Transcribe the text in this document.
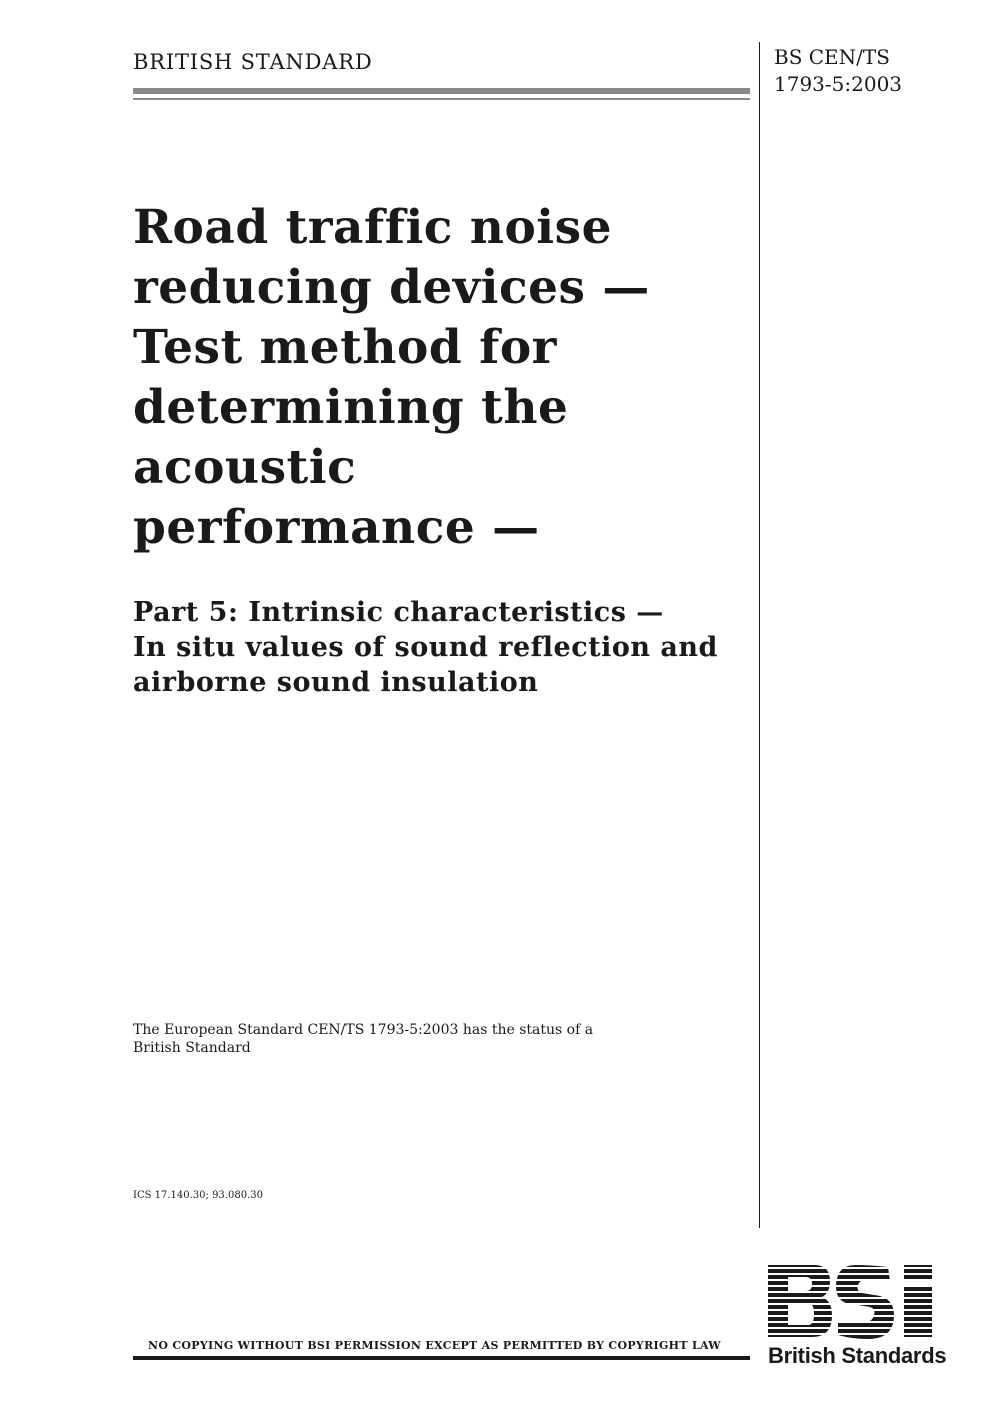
BRITISH STANDARD	BS CEN/TS
1793-5:2003
Road traffic noise
reducing devices —
Test method for
determining the
acoustic
performance —
Part 5: Intrinsic characteristics —
In situ values of sound reflection and
airborne sound insulation
The European Standard CEN/TS 1793-5:2003 has the status of a
British Standard
ICS 17.140.30; 93.080.30
NO COPYING WITHOUT BSI PERMISSION EXCEPT AS PERMITTED BY COPYRIGHT LAW British Standards
